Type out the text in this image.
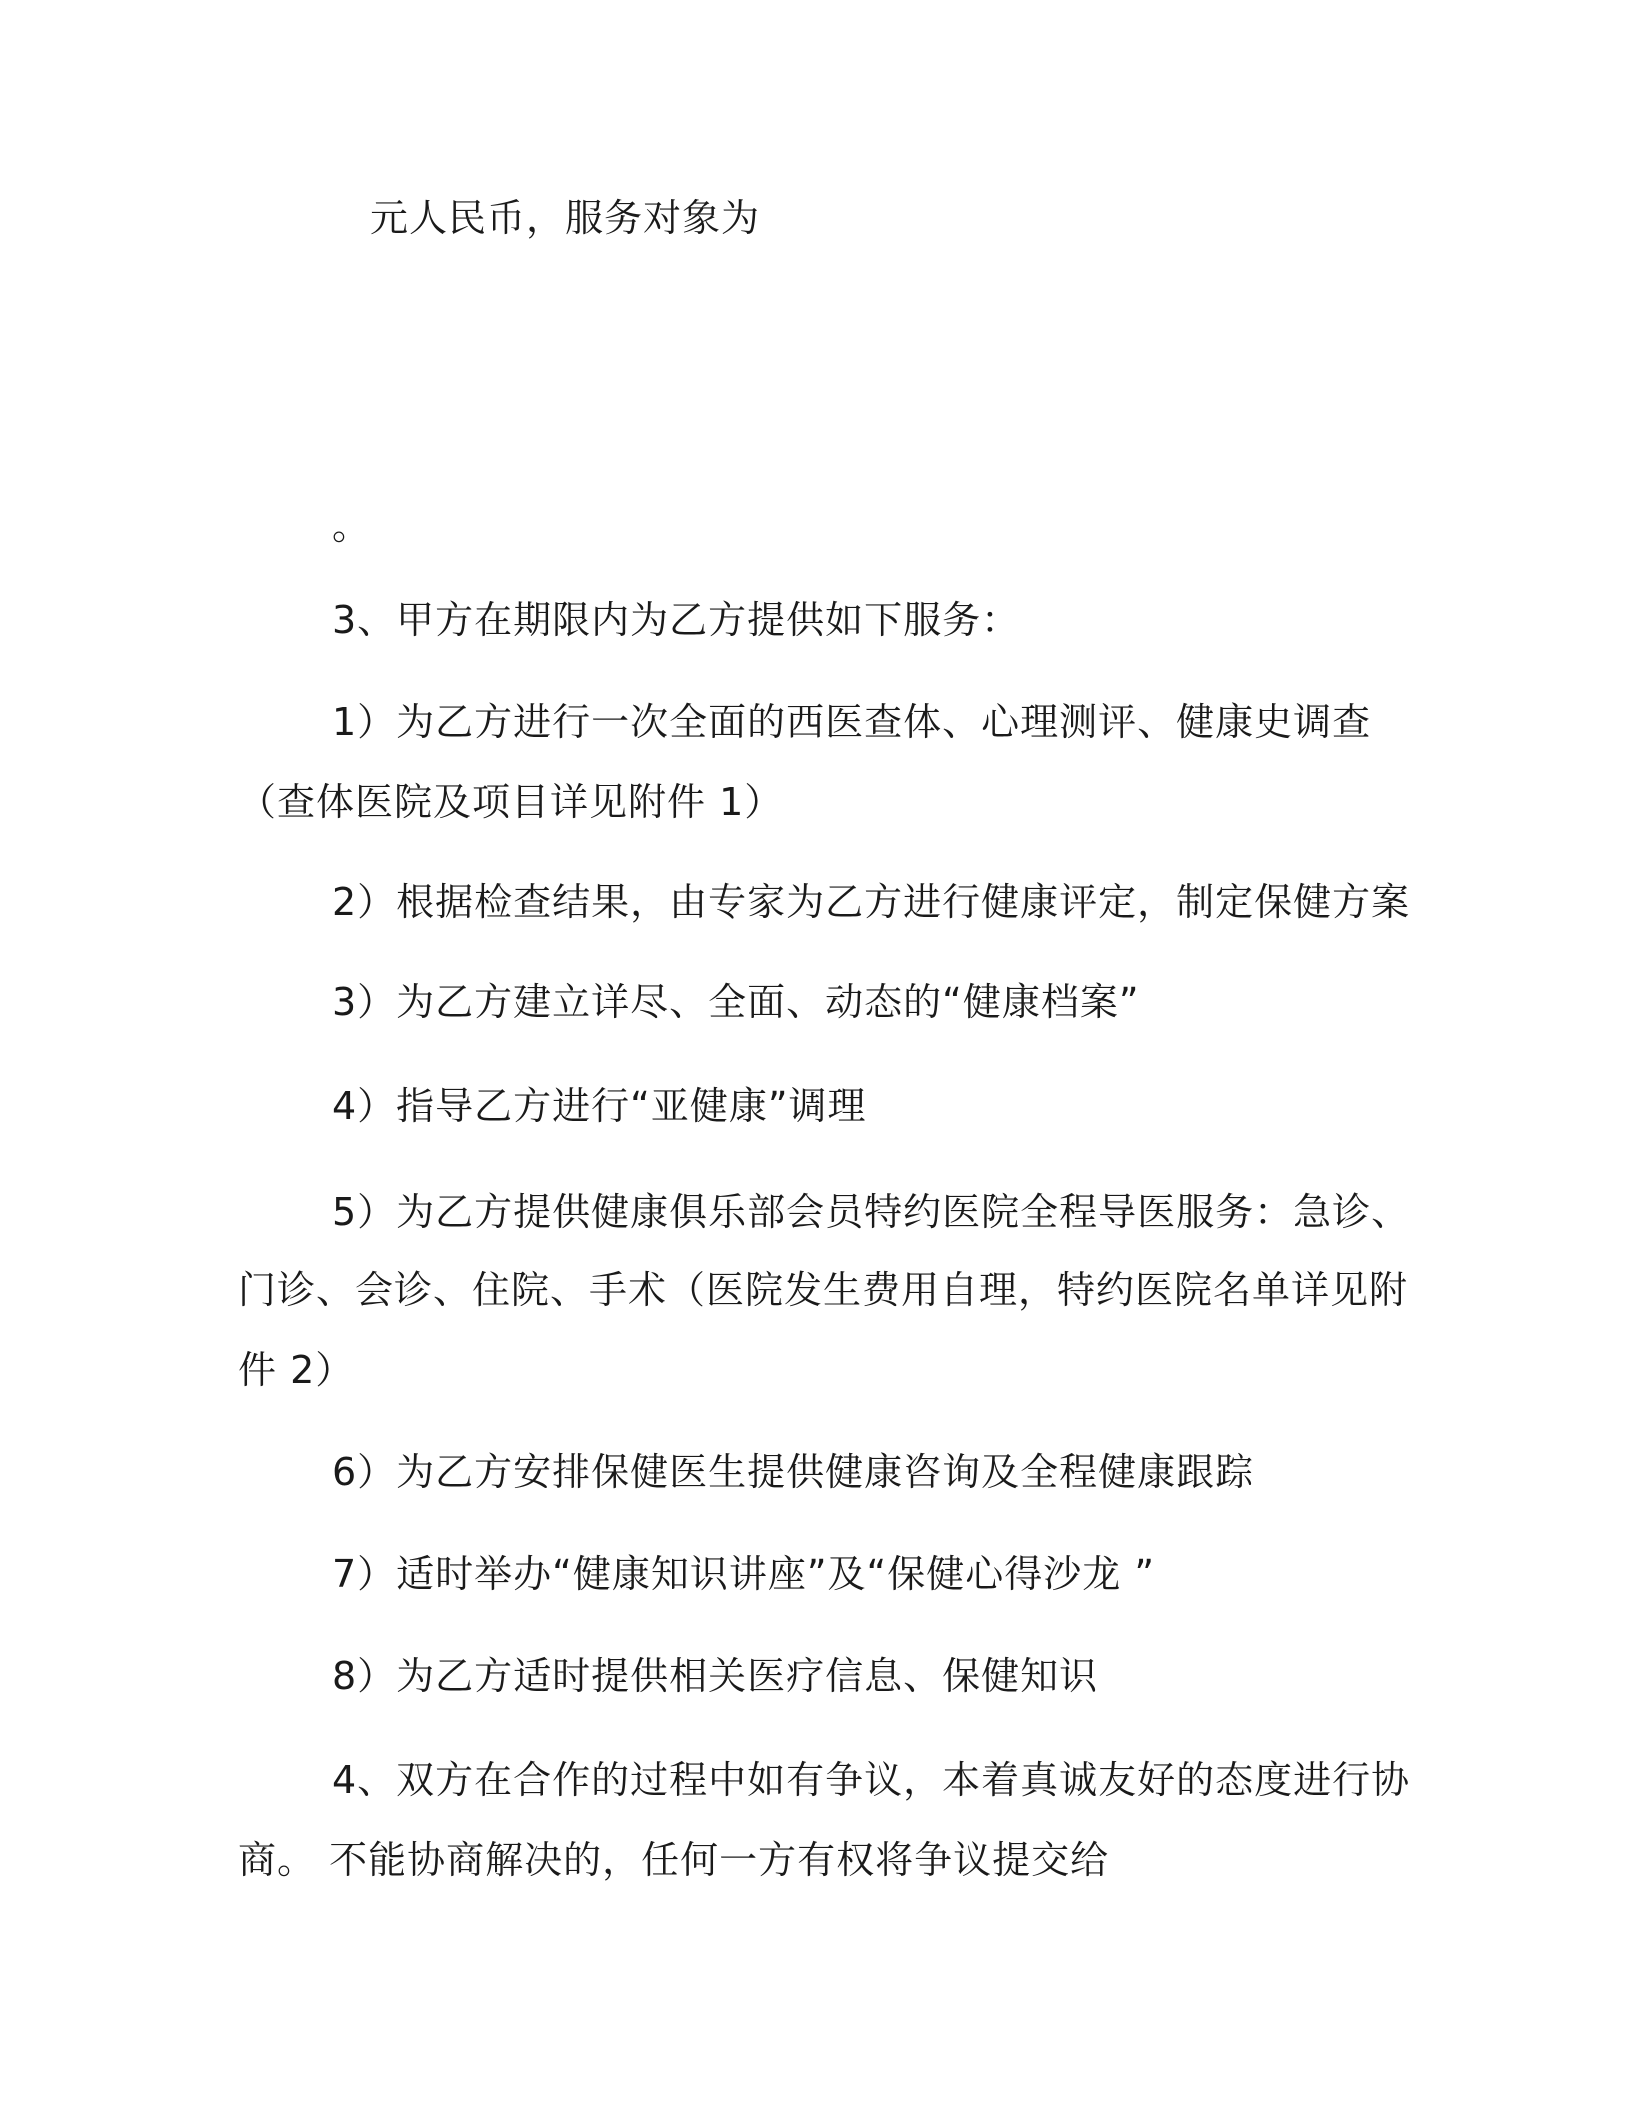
元人民币，服务对象为
。
3、甲方在期限内为乙方提供如下服务：
1）为乙方进行一次全面的西医查体、心理测评、健康史调查
（查体医院及项目详见附件 1）
2）根据检查结果，由专家为乙方进行健康评定，制定保健方案
3）为乙方建立详尽、全面、动态的“健康档案”
4）指导乙方进行“亚健康”调理
5）为乙方提供健康俱乐部会员特约医院全程导医服务：急诊、
门诊、会诊、住院、手术（医院发生费用自理，特约医院名单详见附
件 2）
6）为乙方安排保健医生提供健康咨询及全程健康跟踪
7）适时举办“健康知识讲座”及“保健心得沙龙 ”
8）为乙方适时提供相关医疗信息、保健知识
4、双方在合作的过程中如有争议，本着真诚友好的态度进行协
商。 不能协商解决的，任何一方有权将争议提交给
